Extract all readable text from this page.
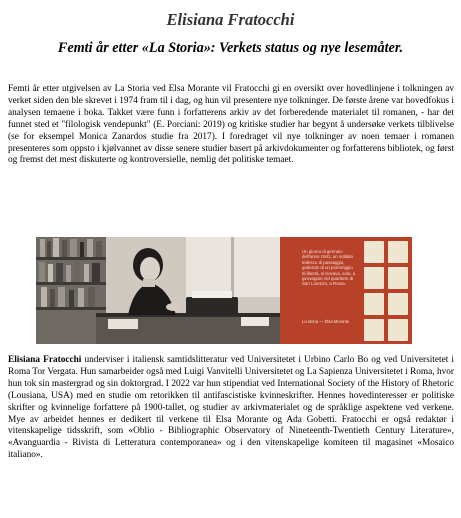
Elisiana Fratocchi
Femti år etter «La Storia»: Verkets status og nye lesemåter.

Femti år etter utgivelsen av La Storia ved Elsa Morante vil Fratocchi gi en oversikt over hovedlinjene i tolkningen av verket siden den ble skrevet i 1974 fram til i dag, og hun vil presentere nye tolkninger. De første årene var hovedfokus i analysen temaene i boka. Takket være funn i forfatterens arkiv av det forberedende materialet til romanen, - har det funnet sted et "filologisk vendepunkt" (E. Porciani: 2019) og kritiske studier har begynt å undersøke verkets tilblivelse (se for eksempel Monica Zanardos studie fra 2017). I foredraget vil nye tolkninger av noen temaer i romanen presenteres som oppsto i kjølvannet av disse senere studier basert på arkivdokumenter og forfatterens bibliotek, og først og fremst det mest diskuterte og kontroversielle, nemlig det politiske temaet.

Un giorno di gennaio dell'anno 1941, un soldato tedesco di passaggio, godendo di un pomeriggio di libertà, si trovava, solo, a girovagare nel quartiere di San Lorenzo, a Roma.
La storia — Elsa Morante

Elisiana Fratocchi underviser i italiensk samtidslitteratur ved Universitetet i Urbino Carlo Bo og ved Universitetet i Roma Tor Vergata. Hun samarbeider også med Luigi Vanvitelli Universitetet og La Sapienza Universitetet i Roma, hvor hun tok sin mastergrad og sin doktorgrad. I 2022 var hun stipendiat ved International Society of the History of Rhetoric (Lousiana, USA) med en studie om retorikken til antifascistiske kvinneskrifter. Hennes hovedinteresser er politiske skrifter og kvinnelige forfattere på 1900-tallet, og studier av arkivmaterialet og de språklige aspektene ved verkene. Mye av arbeidet hennes er dedikert til verkene til Elsa Morante og Ada Gobetti. Fratocchi er også redaktør i vitenskapelige tidsskrift, som «Oblio - Bibliographic Observatory of Nineteenth-Twentieth Century Literature», «Avanguardia - Rivista di Letteratura contemporanea» og i den vitenskapelige komiteen til magasinet «Mosaico italiano».
